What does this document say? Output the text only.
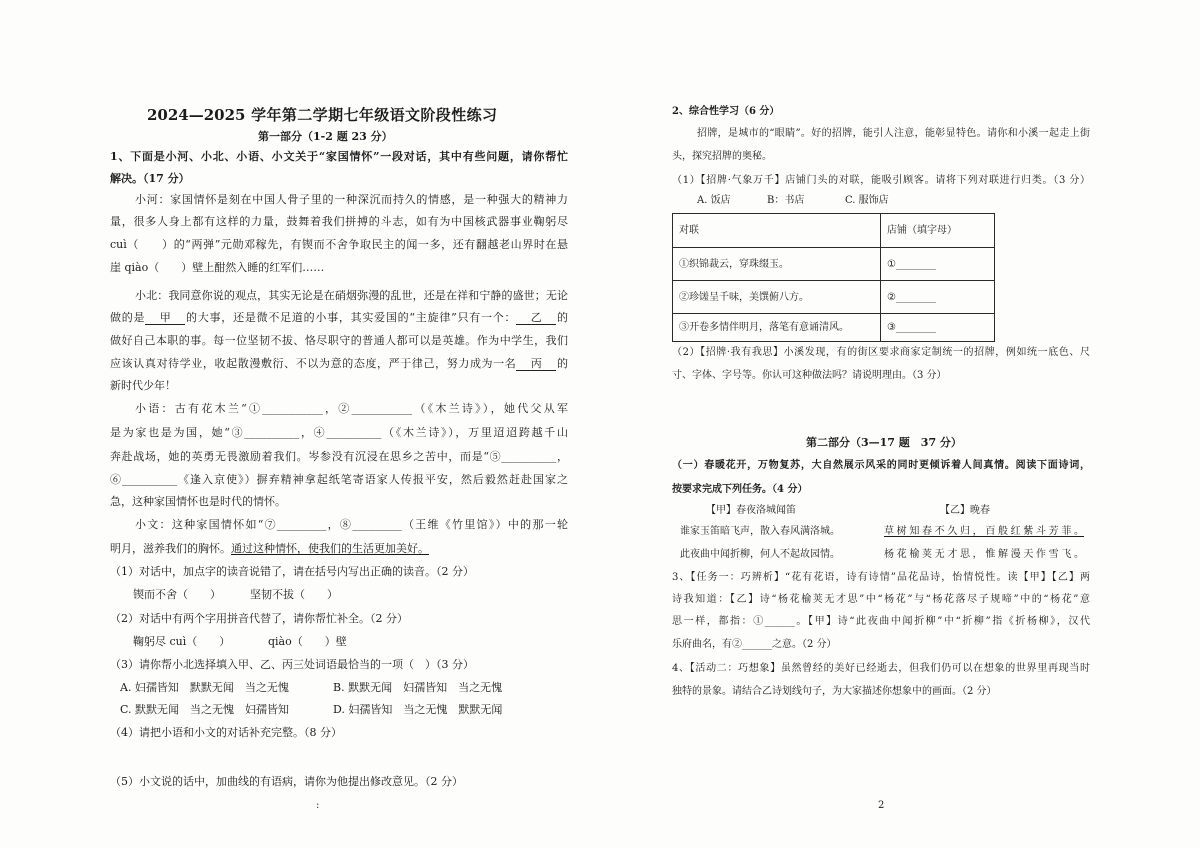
2024—2025 学年第二学期七年级语文阶段性练习
第一部分（1-2 题 23 分）
1、下面是小河、小北、小语、小文关于“家国情怀”一段对话，其中有些问题，请你帮忙
解决。（17 分）
小河：家国情怀是刻在中国人骨子里的一种深沉而持久的情感，是一种强大的精神力
量，很多人身上都有这样的力量，鼓舞着我们拼搏的斗志，如有为中国核武器事业鞠躬尽
cuì（　　）的“两弹”元勋邓稼先，有锲而不舍争取民主的闻一多，还有翻越老山界时在悬
崖 qiào（　　）壁上酣然入睡的红军们……
小北：我同意你说的观点，其实无论是在硝烟弥漫的乱世，还是在祥和宁静的盛世；无论
做的是 甲 的大事，还是微不足道的小事，其实爱国的“主旋律”只有一个： 乙 的
做好自己本职的事。每一位坚韧不拔、恪尽职守的普通人都可以是英雄。作为中学生，我们
应该认真对待学业，收起散漫敷衍、不以为意的态度，严于律己，努力成为一名 丙 的
新时代少年！
小语：古有花木兰“①___________，②___________（《木兰诗》），她代父从军
是为家也是为国，她“③__________，④__________（《木兰诗》），万里迢迢跨越千山
奔赴战场，她的英勇无畏激励着我们。岑参没有沉浸在思乡之苦中，而是“⑤__________，
⑥__________《逢入京使》）摒弃精神拿起纸笔寄语家人传报平安，然后毅然赶赴国家之
急，这种家国情怀也是时代的情怀。
小文：这种家国情怀如“⑦_________，⑧_________（王维《竹里馆》）中的那一轮
明月，滋养我们的胸怀。通过这种情怀，使我们的生活更加美好。
（1）对话中，加点字的读音说错了，请在括号内写出正确的读音。（2 分）
锲而不舍（　　）	坚韧不拔（　　）
（2）对话中有两个字用拼音代替了，请你帮忙补全。（2 分）
鞠躬尽 cuì（　　）	qiào（　　）壁
（3）请你帮小北选择填入甲、乙、丙三处词语最恰当的一项（　）（3 分）
A. 妇孺皆知　默默无闻　当之无愧	B. 默默无闻　妇孺皆知　当之无愧
C. 默默无闻　当之无愧　妇孺皆知	D. 妇孺皆知　当之无愧　默默无闻
（4）请把小语和小文的对话补充完整。（8 分）
（5）小文说的话中，加曲线的有语病，请你为他提出修改意见。（2 分）
:
2、综合性学习（6 分）
招牌，是城市的“眼睛”。好的招牌，能引人注意，能彰显特色。请你和小溪一起走上街
头，探究招牌的奥秘。
（1）【招牌·气象万千】店铺门头的对联，能吸引顾客。请将下列对联进行归类。（3 分）
A. 饭店	B：书店	C. 服饰店
对联	店铺（填字母）
①织锦裁云，穿珠缀玉。	①________
②珍馐呈千味，美馔俯八方。	②________
③开卷多情伴明月，落笔有意诵清风。	③________
（2）【招牌·我有我思】小溪发现，有的街区要求商家定制统一的招牌，例如统一底色、尺
寸、字体、字号等。你认可这种做法吗？请说明理由。（3 分）
第二部分（3—17 题　37 分）
（一）春暖花开，万物复苏，大自然展示风采的同时更倾诉着人间真情。阅读下面诗词，
按要求完成下列任务。（4 分）
【甲】春夜洛城闻笛	【乙】晚春
谁家玉笛暗飞声，散入春风满洛城。
此夜曲中闻折柳，何人不起故园情。
草树知春不久归，百般红紫斗芳菲。
杨花榆荚无才思，惟解漫天作雪飞。
3、【任务一：巧辨析】“花有花语，诗有诗情”品花品诗，怡情悦性。读【甲】【乙】两
诗我知道：【乙】诗“杨花榆荚无才思”中“杨花”与“杨花落尽子规啼”中的“杨花”意
思一样，都指：①______。【甲】诗“此夜曲中闻折柳”中“折柳”指《折杨柳》，汉代
乐府曲名，有②______之意。（2 分）
4、【活动二：巧想象】虽然曾经的美好已经逝去，但我们仍可以在想象的世界里再现当时
独特的景象。请结合乙诗划线句子，为大家描述你想象中的画面。（2 分）
2
